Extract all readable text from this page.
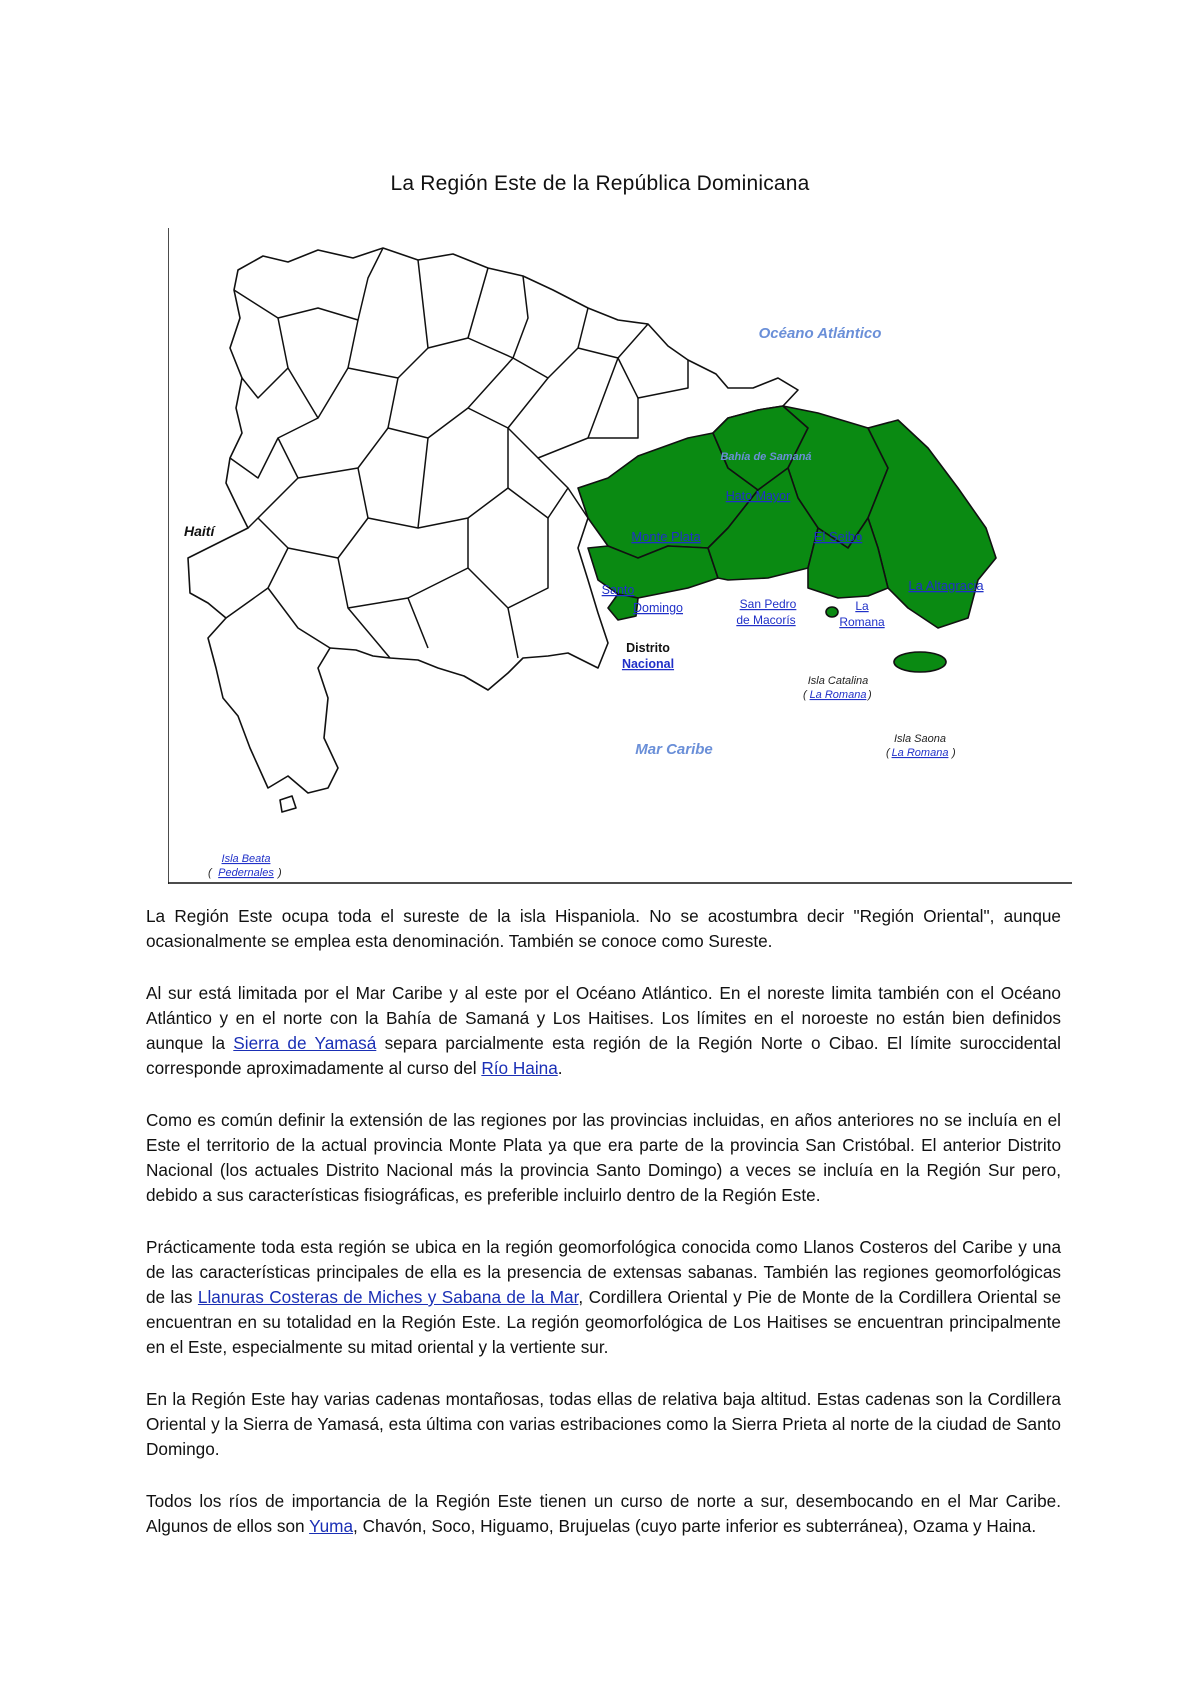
La Región Este de la República Dominicana
Océano Atlántico
Bahía de Samaná
Haití
Mar Caribe
Hato Mayor
Monte Plata	El Seibo
La Altagracia
Santo
Domingo	San Pedro
de Macorís
La
Romana
Distrito
Nacional
Isla Catalina
( La Romana )
Isla Saona
( La Romana )
Isla Beata
( Pedernales )

La Región Este ocupa toda el sureste de la isla Hispaniola. No se acostumbra decir "Región Oriental", aunque ocasionalmente se emplea esta denominación. También se conoce como Sureste.

Al sur está limitada por el Mar Caribe y al este por el Océano Atlántico. En el noreste limita también con el Océano Atlántico y en el norte con la Bahía de Samaná y Los Haitises. Los límites en el noroeste no están bien definidos aunque la Sierra de Yamasá separa parcialmente esta región de la Región Norte o Cibao. El límite suroccidental corresponde aproximadamente al curso del Río Haina.

Como es común definir la extensión de las regiones por las provincias incluidas, en años anteriores no se incluía en el Este el territorio de la actual provincia Monte Plata ya que era parte de la provincia San Cristóbal. El anterior Distrito Nacional (los actuales Distrito Nacional más la provincia Santo Domingo) a veces se incluía en la Región Sur pero, debido a sus características fisiográficas, es preferible incluirlo dentro de la Región Este.

Prácticamente toda esta región se ubica en la región geomorfológica conocida como Llanos Costeros del Caribe y una de las características principales de ella es la presencia de extensas sabanas. También las regiones geomorfológicas de las Llanuras Costeras de Miches y Sabana de la Mar, Cordillera Oriental y Pie de Monte de la Cordillera Oriental se encuentran en su totalidad en la Región Este. La región geomorfológica de Los Haitises se encuentran principalmente en el Este, especialmente su mitad oriental y la vertiente sur.

En la Región Este hay varias cadenas montañosas, todas ellas de relativa baja altitud. Estas cadenas son la Cordillera Oriental y la Sierra de Yamasá, esta última con varias estribaciones como la Sierra Prieta al norte de la ciudad de Santo Domingo.

Todos los ríos de importancia de la Región Este tienen un curso de norte a sur, desembocando en el Mar Caribe. Algunos de ellos son Yuma, Chavón, Soco, Higuamo, Brujuelas (cuyo parte inferior es subterránea), Ozama y Haina.
